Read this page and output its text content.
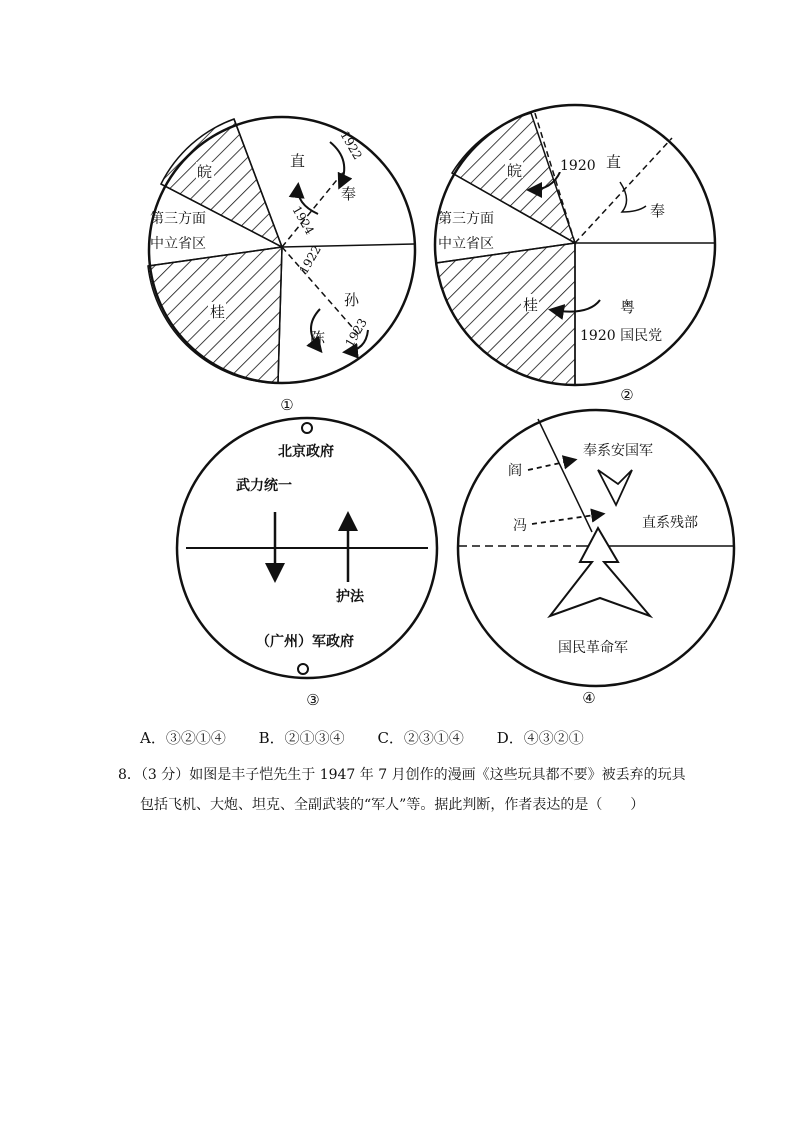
皖
第三方面
中立省区
直
奉
桂
孙
陈
1922
1924
1922
1923
皖	1920 直
奉
第三方面
中立省区
桂	粤
1920 国民党
北京政府
武力统一
护法
（广州）军政府
阎
奉系安国军
冯	直系残部
国民革命军
①
②
③	④
A．③②①④ B．②①③④ C．②③①④ D．④③②①
8．（3 分）如图是丰子恺先生于 1947 年 7 月创作的漫画《这些玩具都不要》被丢弃的玩具
包括飞机、大炮、坦克、全副武装的“军人”等。据此判断，作者表达的是（　　）
